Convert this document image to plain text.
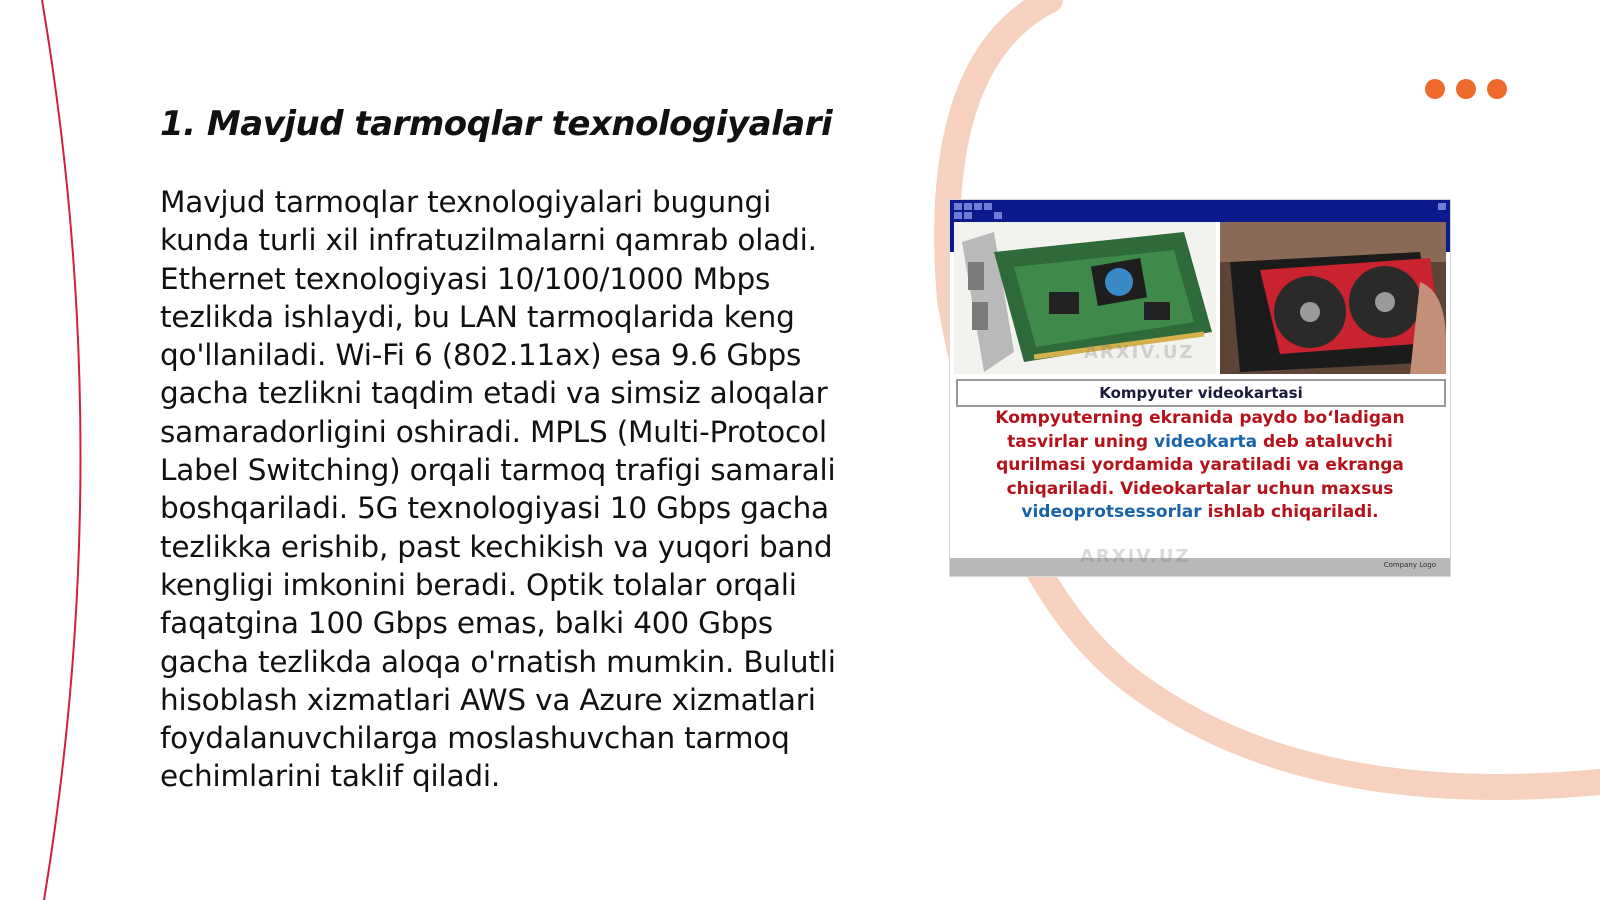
1. Mavjud tarmoqlar texnologiyalari

Mavjud tarmoqlar texnologiyalari bugungi kunda turli xil infratuzilmalarni qamrab oladi. Ethernet texnologiyasi 10/100/1000 Mbps tezlikda ishlaydi, bu LAN tarmoqlarida keng qo'llaniladi. Wi-Fi 6 (802.11ax) esa 9.6 Gbps gacha tezlikni taqdim etadi va simsiz aloqalar samaradorligini oshiradi. MPLS (Multi-Protocol Label Switching) orqali tarmoq trafigi samarali boshqariladi. 5G texnologiyasi 10 Gbps gacha tezlikka erishib, past kechikish va yuqori band kengligi imkonini beradi. Optik tolalar orqali faqatgina 100 Gbps emas, balki 400 Gbps gacha tezlikda aloqa o'rnatish mumkin. Bulutli hisoblash xizmatlari AWS va Azure xizmatlari foydalanuvchilarga moslashuvchan tarmoq echimlarini taklif qiladi.

ARXIV.UZ
Kompyuter videokartasi

Kompyuterning ekranida paydo bo‘ladigan tasvirlar uning videokarta deb ataluvchi qurilmasi yordamida yaratiladi va ekranga chiqariladi. Videokartalar uchun maxsus videoprotsessorlar ishlab chiqariladi.

Company Logo
ARXIV.UZ
